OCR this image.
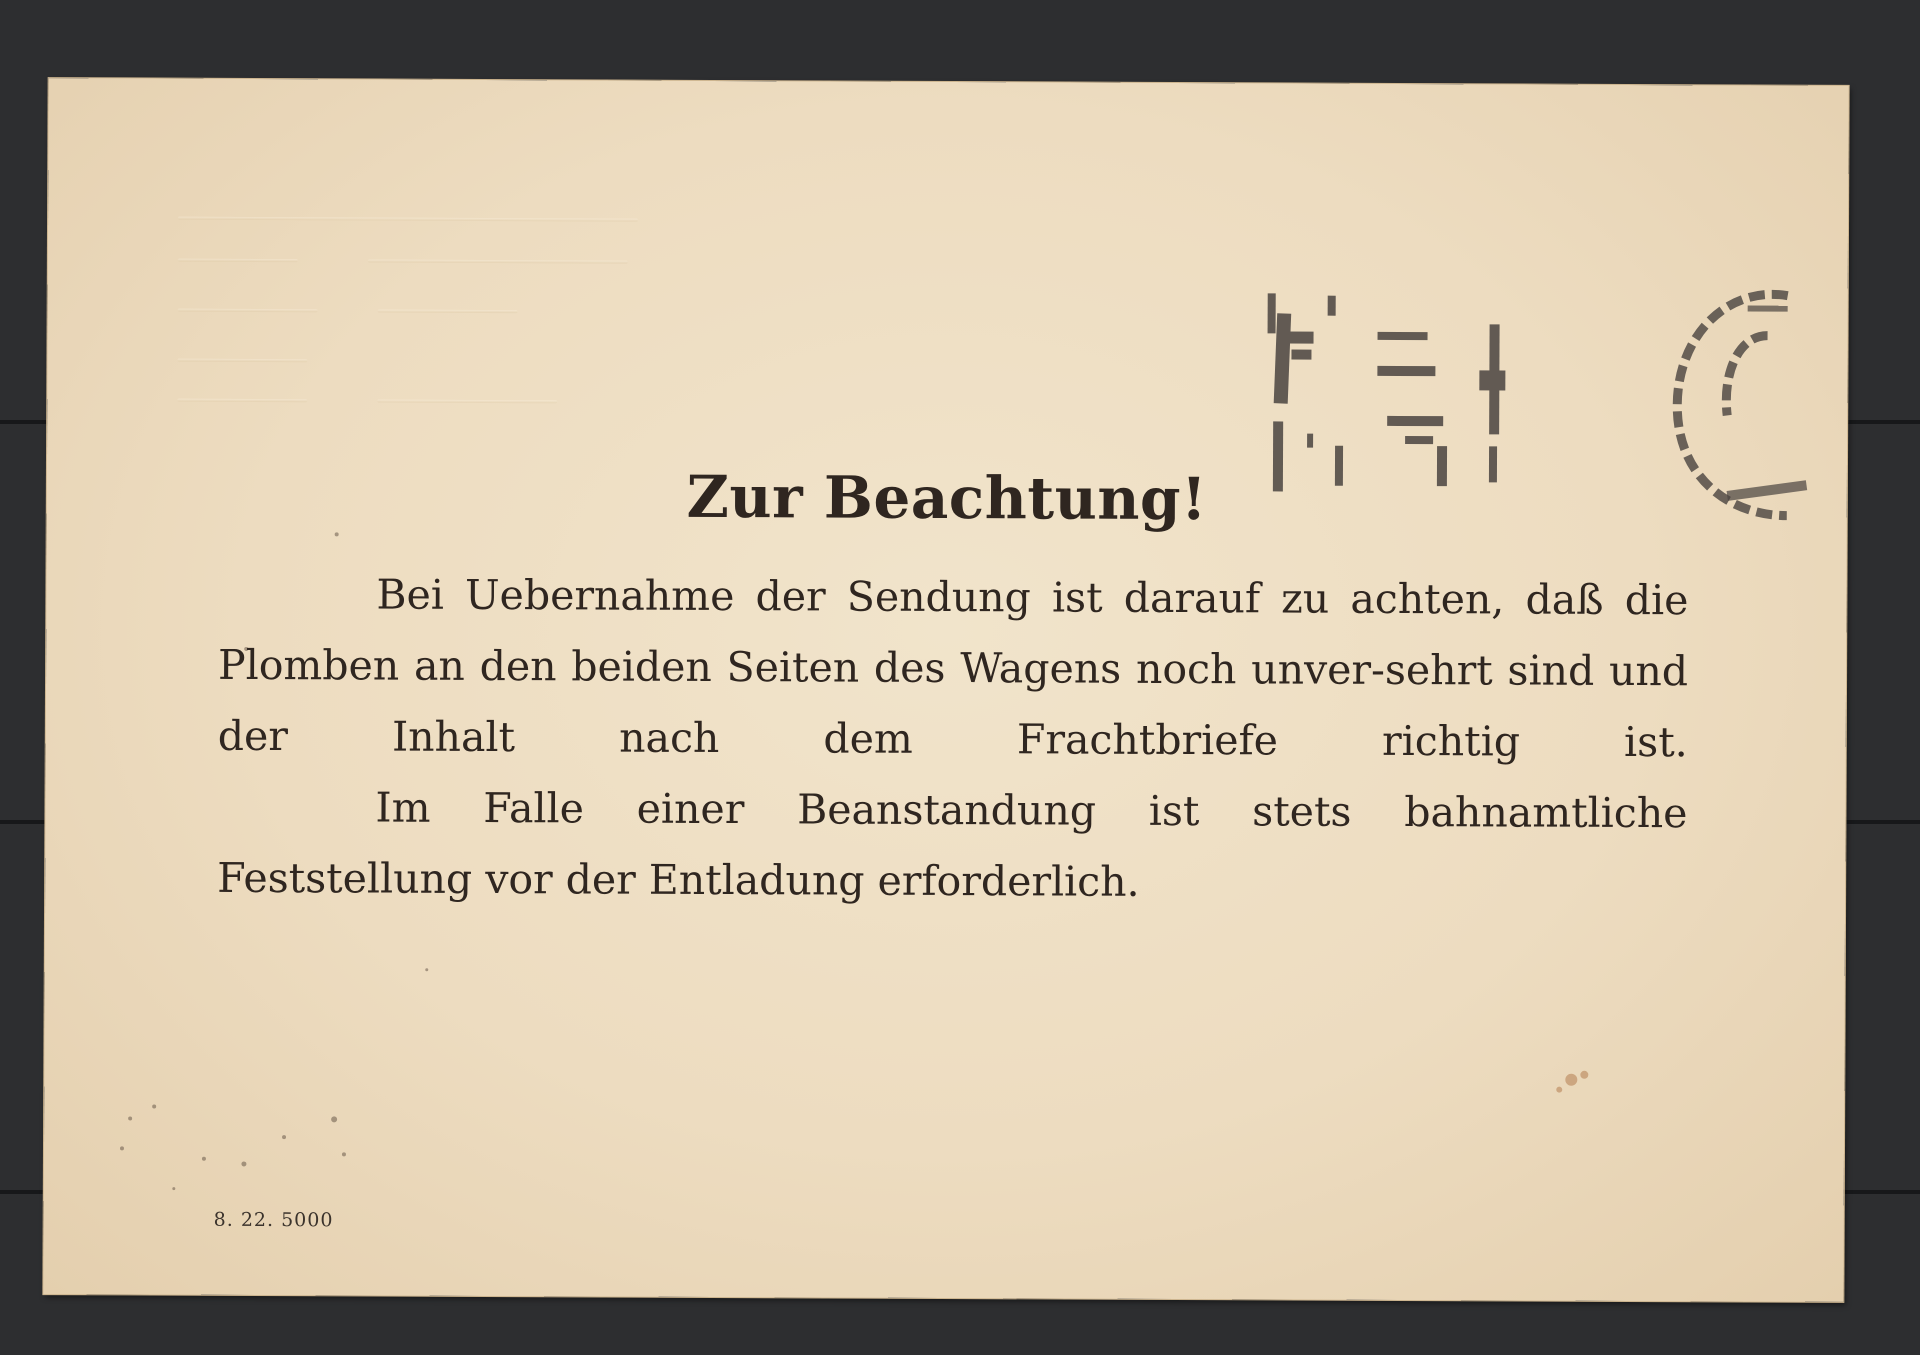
Zur Beachtung!

Bei Uebernahme der Sendung ist darauf zu achten, daß die Plomben an den beiden Seiten des Wagens noch unver-sehrt sind und der Inhalt nach dem Frachtbriefe richtig ist.

Im Falle einer Beanstandung ist stets bahnamtliche Feststellung vor der Entladung erforderlich.

8. 22. 5000
